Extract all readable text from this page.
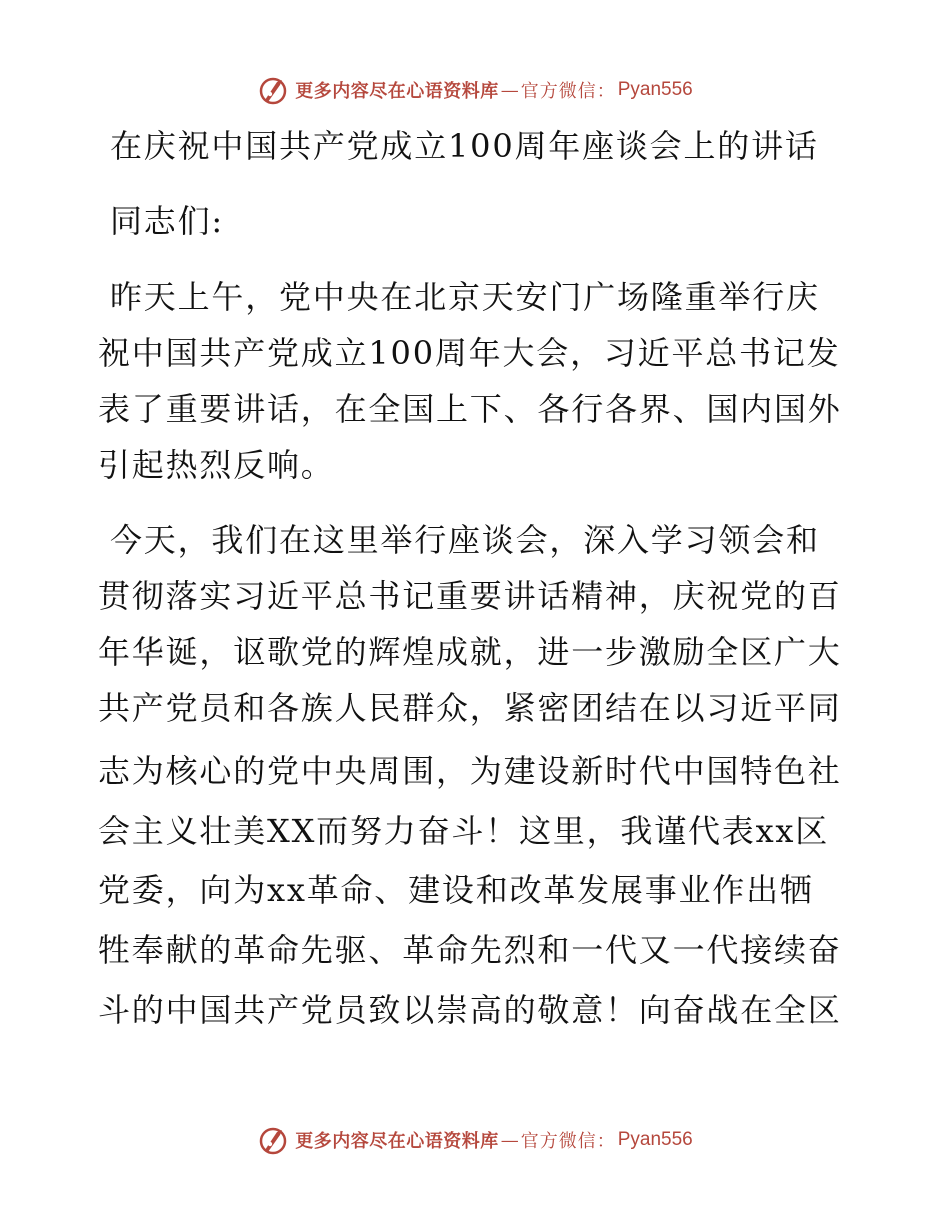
更多内容尽在心语资料库 — 官方微信： Pyan556
在庆祝中国共产党成立100周年座谈会上的讲话
同志们:
昨天上午，党中央在北京天安门广场隆重举行庆
祝中国共产党成立100周年大会，习近平总书记发
表了重要讲话，在全国上下、各行各界、国内国外
引起热烈反响。
今天，我们在这里举行座谈会，深入学习领会和
贯彻落实习近平总书记重要讲话精神，庆祝党的百
年华诞，讴歌党的辉煌成就，进一步激励全区广大
共产党员和各族人民群众，紧密团结在以习近平同
志为核心的党中央周围，为建设新时代中国特色社
会主义壮美XX而努力奋斗！这里，我谨代表xx区
党委，向为xx革命、建设和改革发展事业作出牺
牲奉献的革命先驱、革命先烈和一代又一代接续奋
斗的中国共产党员致以崇高的敬意！向奋战在全区
更多内容尽在心语资料库 — 官方微信： Pyan556
